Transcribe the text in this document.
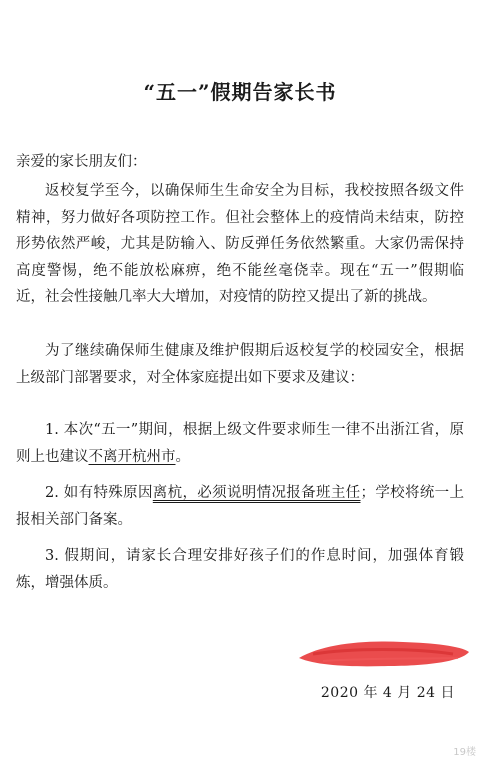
“五一”假期告家长书
亲爱的家长朋友们：

返校复学至今，以确保师生生命安全为目标，我校按照各级文件精神，努力做好各项防控工作。但社会整体上的疫情尚未结束，防控形势依然严峻，尤其是防输入、防反弹任务依然繁重。大家仍需保持高度警惕，绝不能放松麻痹，绝不能丝毫侥幸。现在“五一”假期临近，社会性接触几率大大增加，对疫情的防控又提出了新的挑战。

为了继续确保师生健康及维护假期后返校复学的校园安全，根据上级部门部署要求，对全体家庭提出如下要求及建议：

1. 本次“五一”期间，根据上级文件要求师生一律不出浙江省，原则上也建议不离开杭州市。

2. 如有特殊原因离杭，必须说明情况报备班主任；学校将统一上报相关部门备案。

3. 假期间，请家长合理安排好孩子们的作息时间，加强体育锻炼，增强体质。

2020 年 4 月 24 日
19楼
